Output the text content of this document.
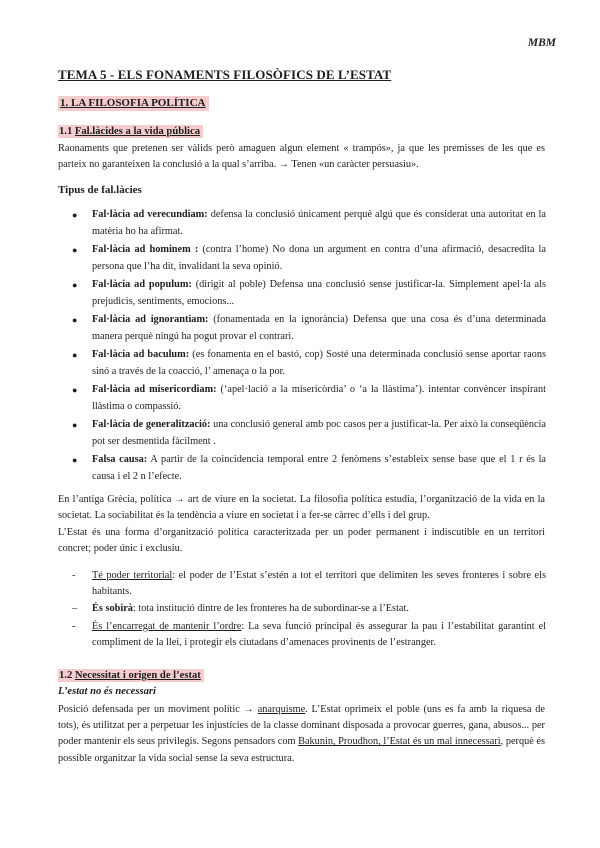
MBM
TEMA 5 - ELS FONAMENTS FILOSÒFICS DE L’ESTAT
1. LA FILOSOFIA POLÍTICA
1.1 Fal.làcides a la vida pública
Raonaments que pretenen ser vàlids però amaguen algun element « trampós», ja que les premisses de les que es parteix no garanteixen la conclusió a la qual s’arriba. → Tenen «un caràcter persuasiu».
Tipus de fal.làcies
● Fal·làcia ad verecundiam: defensa la conclusió únicament perquè algú que és considerat una autoritat en la matèria ho ha afirmat.
● Fal·làcia ad hominem : (contra l’home) No dona un argument en contra d’una afirmació, desacredita la persona que l’ha dit, invalidant la seva opinió.
● Fal·làcia ad populum: (dirigit al poble) Defensa una conclusió sense justificar-la. Simplement apel·la als prejudicis, sentiments, emocions...
● Fal·làcia ad ignorantiam: (fonamentada en la ignorància) Defensa que una cosa és d’una determinada manera perquè ningú ha pogut provar el contrari.
● Fal·làcia ad baculum: (es fonamenta en el bastó, cop) Sosté una determinada conclusió sense aportar raons sinó a través de la coacció, l’ amenaça o la por.
● Fal·làcia ad misericordiam: (‘apel·lació a la misericòrdia’ o ‘a la llàstima’). intentar convèncer inspirant llàstima o compassió.
● Fal·làcia de generalització: una conclusió general amb poc casos per a justificar-la. Per això la conseqüència pot ser desmentida fàcilment .
● Falsa causa: A partir de la coincidencia temporal entre 2 fenòmens s’estableix sense base que el 1 r és la causa i el 2 n l’efecte.
En l’antiga Grècia, política → art de viure en la societat. La filosofia política estudia, l’organització de la vida en la societat. La sociabilitat és la tendència a viure en societat i a fer-se càrrec d’ells i del grup.
L’Estat és una forma d’organització política caracteritzada per un poder permanent i indiscutible en un territori concret; poder únic i exclusiu.
- Té poder territorial: el poder de l’Estat s’estén a tot el territori que delimiten les seves fronteres i sobre els habitants.
– És sobirà: tota institució dintre de les fronteres ha de subordinar-se a l’Estat.
- És l’encarregat de mantenir l’ordre: La seva funció principal és assegurar la pau i l’estabilitat garantint el compliment de la llei, i protegir els ciutadans d’amenaces provinents de l’estranger.
1.2 Necessitat i origen de l’estat
L’estat no és necessari
Posició defensada per un moviment polític → anarquisme. L’Estat oprimeix el poble (uns es fa amb la riquesa de tots), és utilitzat per a perpetuar les injustícies de la classe dominant disposada a provocar guerres, gana, abusos... per poder mantenir els seus privilegis. Segons pensadors com Bakunin, Proudhon, l’Estat és un mal innecessari, perquè és possible organitzar la vida social sense la seva estructura.
